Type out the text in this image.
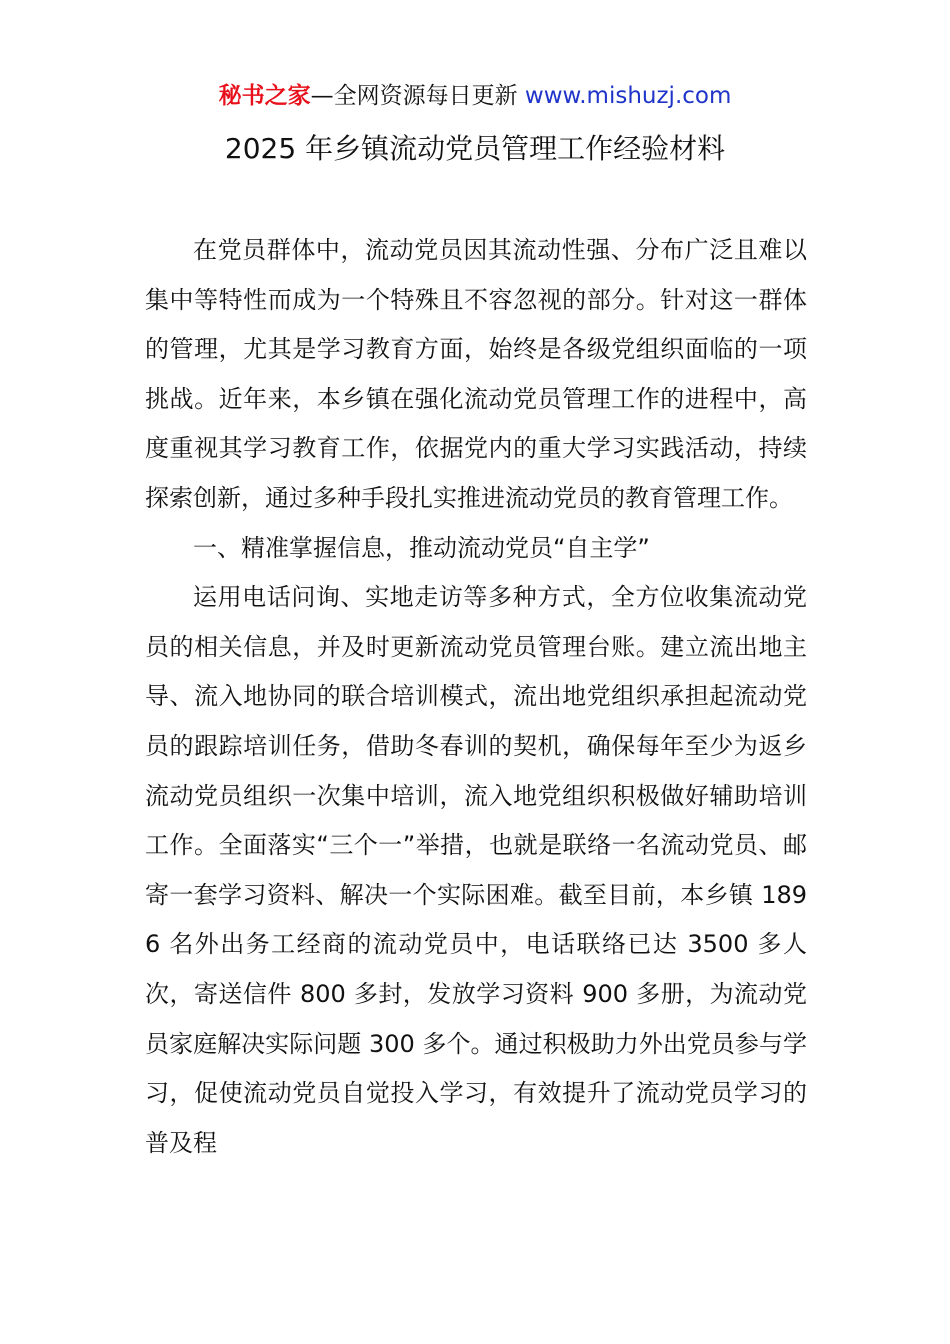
秘书之家—全网资源每日更新 www.mishuzj.com
2025 年乡镇流动党员管理工作经验材料

在党员群体中，流动党员因其流动性强、分布广泛且难以集中等特性而成为一个特殊且不容忽视的部分。针对这一群体的管理，尤其是学习教育方面，始终是各级党组织面临的一项挑战。近年来，本乡镇在强化流动党员管理工作的进程中，高度重视其学习教育工作，依据党内的重大学习实践活动，持续探索创新，通过多种手段扎实推进流动党员的教育管理工作。

一、精准掌握信息，推动流动党员“自主学”

运用电话问询、实地走访等多种方式，全方位收集流动党员的相关信息，并及时更新流动党员管理台账。建立流出地主导、流入地协同的联合培训模式，流出地党组织承担起流动党员的跟踪培训任务，借助冬春训的契机，确保每年至少为返乡流动党员组织一次集中培训，流入地党组织积极做好辅助培训工作。全面落实“三个一”举措，也就是联络一名流动党员、邮寄一套学习资料、解决一个实际困难。截至目前，本乡镇 1896 名外出务工经商的流动党员中，电话联络已达 3500 多人次，寄送信件 800 多封，发放学习资料 900 多册，为流动党员家庭解决实际问题 300 多个。通过积极助力外出党员参与学习，促使流动党员自觉投入学习，有效提升了流动党员学习的普及程
